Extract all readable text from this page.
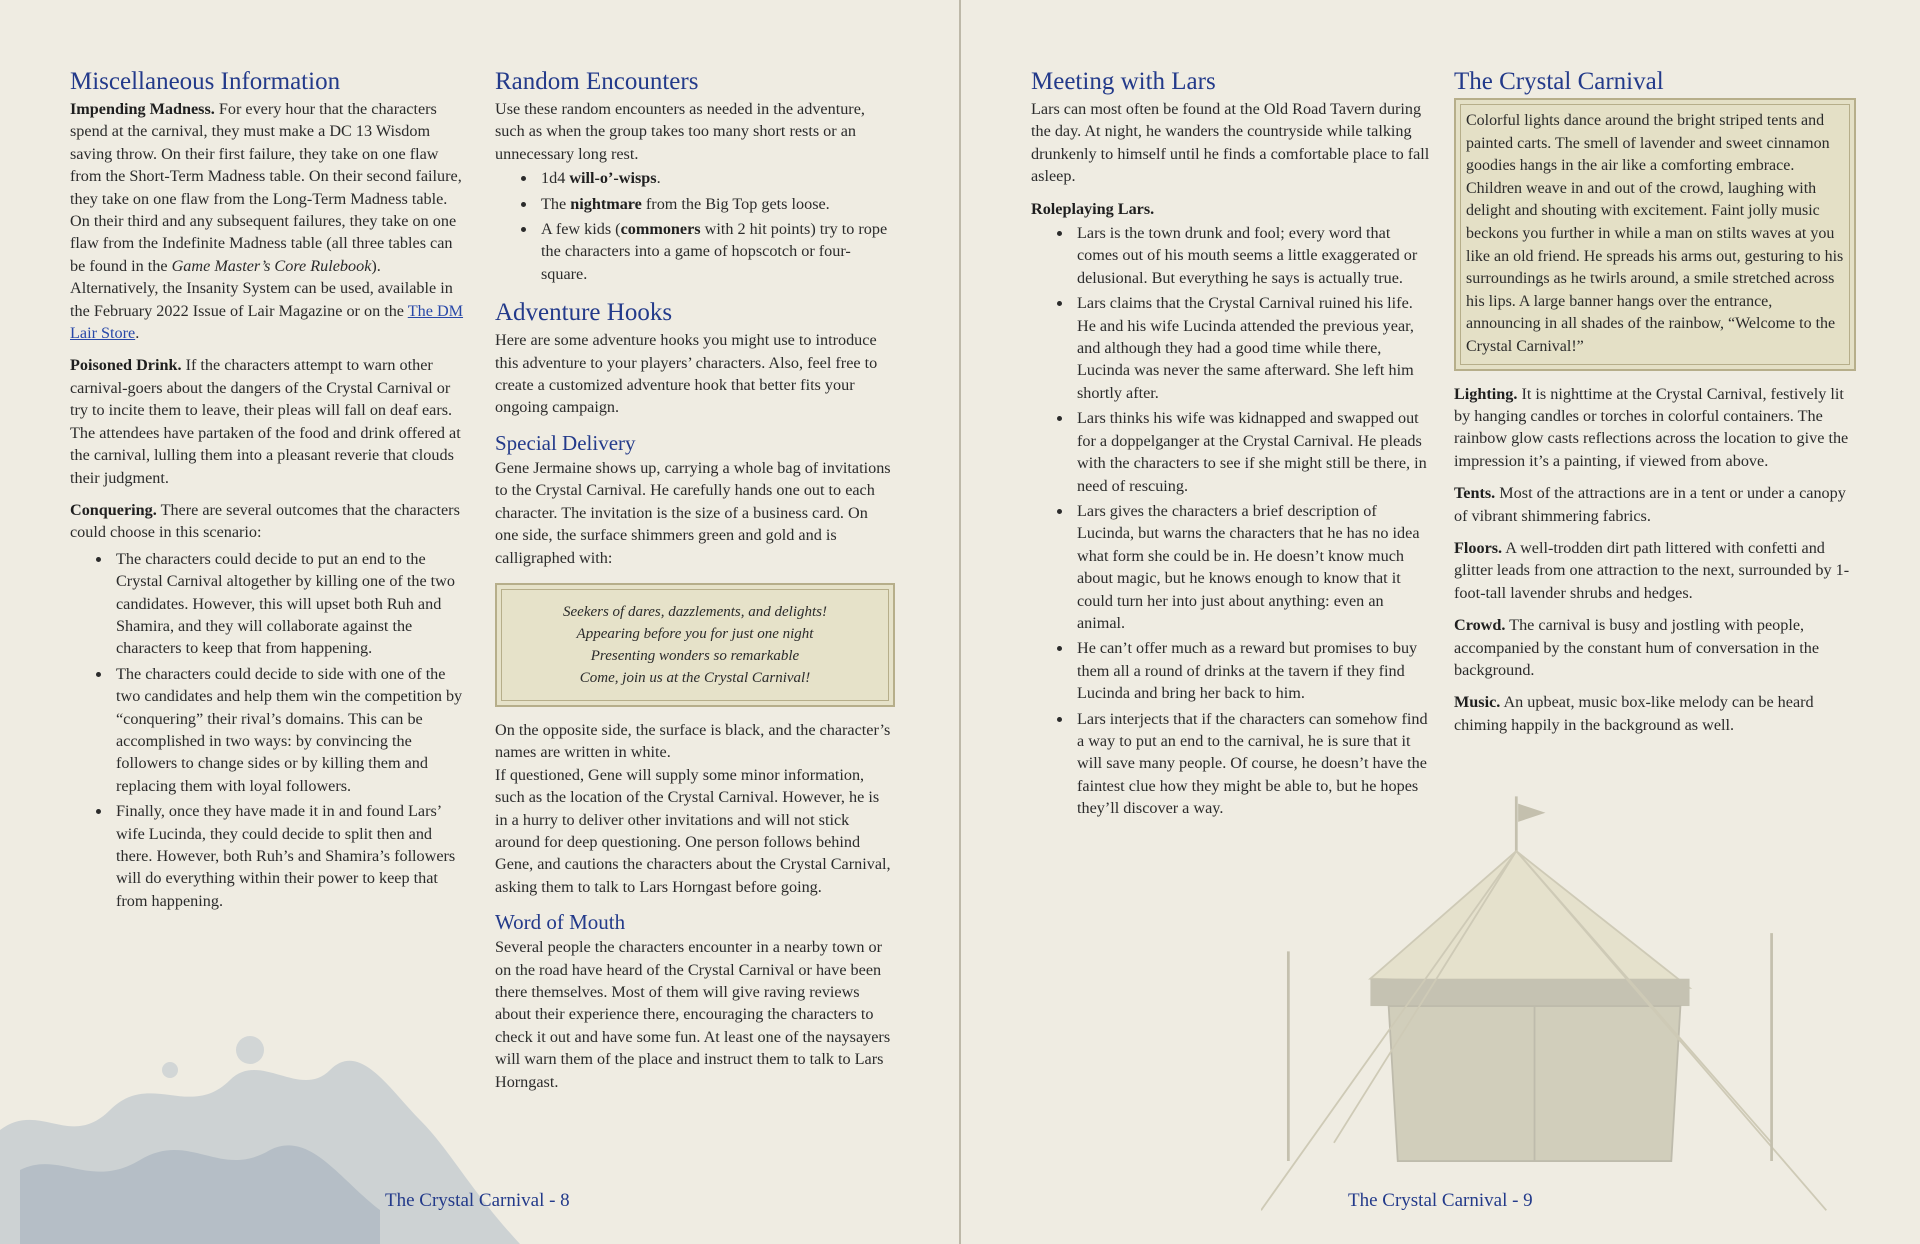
Miscellaneous Information

Impending Madness. For every hour that the characters spend at the carnival, they must make a DC 13 Wisdom saving throw. On their first failure, they take on one flaw from the Short-Term Madness table. On their second failure, they take on one flaw from the Long-Term Madness table. On their third and any subsequent failures, they take on one flaw from the Indefinite Madness table (all three tables can be found in the Game Master’s Core Rulebook). Alternatively, the Insanity System can be used, available in the February 2022 Issue of Lair Magazine or on the The DM Lair Store.

Poisoned Drink. If the characters attempt to warn other carnival-goers about the dangers of the Crystal Carnival or try to incite them to leave, their pleas will fall on deaf ears. The attendees have partaken of the food and drink offered at the carnival, lulling them into a pleasant reverie that clouds their judgment.

Conquering. There are several outcomes that the characters could choose in this scenario:

• The characters could decide to put an end to the Crystal Carnival altogether by killing one of the two candidates. However, this will upset both Ruh and Shamira, and they will collaborate against the characters to keep that from happening.
• The characters could decide to side with one of the two candidates and help them win the competition by “conquering” their rival’s domains. This can be accomplished in two ways: by convincing the followers to change sides or by killing them and replacing them with loyal followers.
• Finally, once they have made it in and found Lars’ wife Lucinda, they could decide to split then and there. However, both Ruh’s and Shamira’s followers will do everything within their power to keep that from happening.
Random Encounters

Use these random encounters as needed in the adventure, such as when the group takes too many short rests or an unnecessary long rest.

• 1d4 will-o’-wisps.
• The nightmare from the Big Top gets loose.
• A few kids (commoners with 2 hit points) try to rope the characters into a game of hopscotch or four-square.
Adventure Hooks

Here are some adventure hooks you might use to introduce this adventure to your players’ characters. Also, feel free to create a customized adventure hook that better fits your ongoing campaign.

Special Delivery

Gene Jermaine shows up, carrying a whole bag of invitations to the Crystal Carnival. He carefully hands one out to each character. The invitation is the size of a business card. On one side, the surface shimmers green and gold and is calligraphed with:

Seekers of dares, dazzlements, and delights!
Appearing before you for just one night
Presenting wonders so remarkable
Come, join us at the Crystal Carnival!

On the opposite side, the surface is black, and the character’s names are written in white.

If questioned, Gene will supply some minor information, such as the location of the Crystal Carnival. However, he is in a hurry to deliver other invitations and will not stick around for deep questioning. One person follows behind Gene, and cautions the characters about the Crystal Carnival, asking them to talk to Lars Horngast before going.

Word of Mouth

Several people the characters encounter in a nearby town or on the road have heard of the Crystal Carnival or have been there themselves. Most of them will give raving reviews about their experience there, encouraging the characters to check it out and have some fun. At least one of the naysayers will warn them of the place and instruct them to talk to Lars Horngast.

The Crystal Carnival - 8
Meeting with Lars

Lars can most often be found at the Old Road Tavern during the day. At night, he wanders the countryside while talking drunkenly to himself until he finds a comfortable place to fall asleep.

Roleplaying Lars.

• Lars is the town drunk and fool; every word that comes out of his mouth seems a little exaggerated or delusional. But everything he says is actually true.
• Lars claims that the Crystal Carnival ruined his life. He and his wife Lucinda attended the previous year, and although they had a good time while there, Lucinda was never the same afterward. She left him shortly after.
• Lars thinks his wife was kidnapped and swapped out for a doppelganger at the Crystal Carnival. He pleads with the characters to see if she might still be there, in need of rescuing.
• Lars gives the characters a brief description of Lucinda, but warns the characters that he has no idea what form she could be in. He doesn’t know much about magic, but he knows enough to know that it could turn her into just about anything: even an animal.
• He can’t offer much as a reward but promises to buy them all a round of drinks at the tavern if they find Lucinda and bring her back to him.
• Lars interjects that if the characters can somehow find a way to put an end to the carnival, he is sure that it will save many people. Of course, he doesn’t have the faintest clue how they might be able to, but he hopes they’ll discover a way.
The Crystal Carnival
Colorful lights dance around the bright striped tents and painted carts. The smell of lavender and sweet cinnamon goodies hangs in the air like a comforting embrace. Children weave in and out of the crowd, laughing with delight and shouting with excitement. Faint jolly music beckons you further in while a man on stilts waves at you like an old friend. He spreads his arms out, gesturing to his surroundings as he twirls around, a smile stretched across his lips. A large banner hangs over the entrance, announcing in all shades of the rainbow, “Welcome to the Crystal Carnival!”

Lighting. It is nighttime at the Crystal Carnival, festively lit by hanging candles or torches in colorful containers. The rainbow glow casts reflections across the location to give the impression it’s a painting, if viewed from above.

Tents. Most of the attractions are in a tent or under a canopy of vibrant shimmering fabrics.

Floors. A well-trodden dirt path littered with confetti and glitter leads from one attraction to the next, surrounded by 1-foot-tall lavender shrubs and hedges.

Crowd. The carnival is busy and jostling with people, accompanied by the constant hum of conversation in the background.

Music. An upbeat, music box-like melody can be heard chiming happily in the background as well.

The Crystal Carnival - 9
